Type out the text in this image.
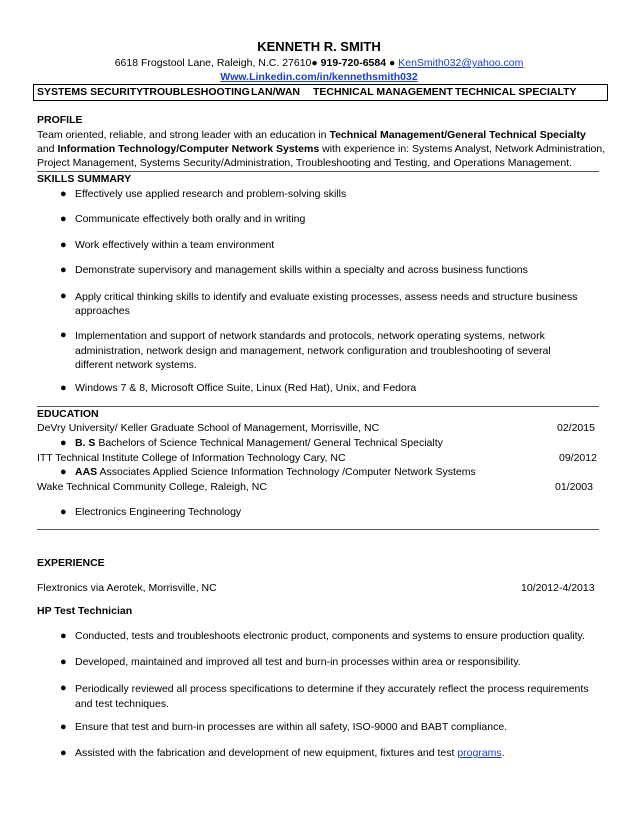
KENNETH R. SMITH
6618 Frogstool Lane, Raleigh, N.C. 27610● 919-720-6584 ● KenSmith032@yahoo.com
Www.Linkedin.com/in/kennethsmith032
SYSTEMS SECURITY TROUBLESHOOTING LAN/WAN TECHNICAL MANAGEMENT TECHNICAL SPECIALTY
PROFILE
Team oriented, reliable, and strong leader with an education in Technical Management/General Technical Specialty
and Information Technology/Computer Network Systems with experience in: Systems Analyst, Network Administration,
Project Management, Systems Security/Administration, Troubleshooting and Testing, and Operations Management.
SKILLS SUMMARY
● Effectively use applied research and problem-solving skills
● Communicate effectively both orally and in writing
● Work effectively within a team environment
● Demonstrate supervisory and management skills within a specialty and across business functions
● Apply critical thinking skills to identify and evaluate existing processes, assess needs and structure business approaches
● Implementation and support of network standards and protocols, network operating systems, network administration, network design and management, network configuration and troubleshooting of several different network systems.
● Windows 7 & 8, Microsoft Office Suite, Linux (Red Hat), Unix, and Fedora
EDUCATION
DeVry University/ Keller Graduate School of Management, Morrisville, NC	02/2015
● B. S Bachelors of Science Technical Management/ General Technical Specialty
ITT Technical Institute College of Information Technology Cary, NC	09/2012
● AAS Associates Applied Science Information Technology /Computer Network Systems
Wake Technical Community College, Raleigh, NC	01/2003
● Electronics Engineering Technology
EXPERIENCE
Flextronics via Aerotek, Morrisville, NC	10/2012-4/2013
HP Test Technician
● Conducted, tests and troubleshoots electronic product, components and systems to ensure production quality.
● Developed, maintained and improved all test and burn-in processes within area or responsibility.
● Periodically reviewed all process specifications to determine if they accurately reflect the process requirements and test techniques.
● Ensure that test and burn-in processes are within all safety, ISO-9000 and BABT compliance.
● Assisted with the fabrication and development of new equipment, fixtures and test programs.
